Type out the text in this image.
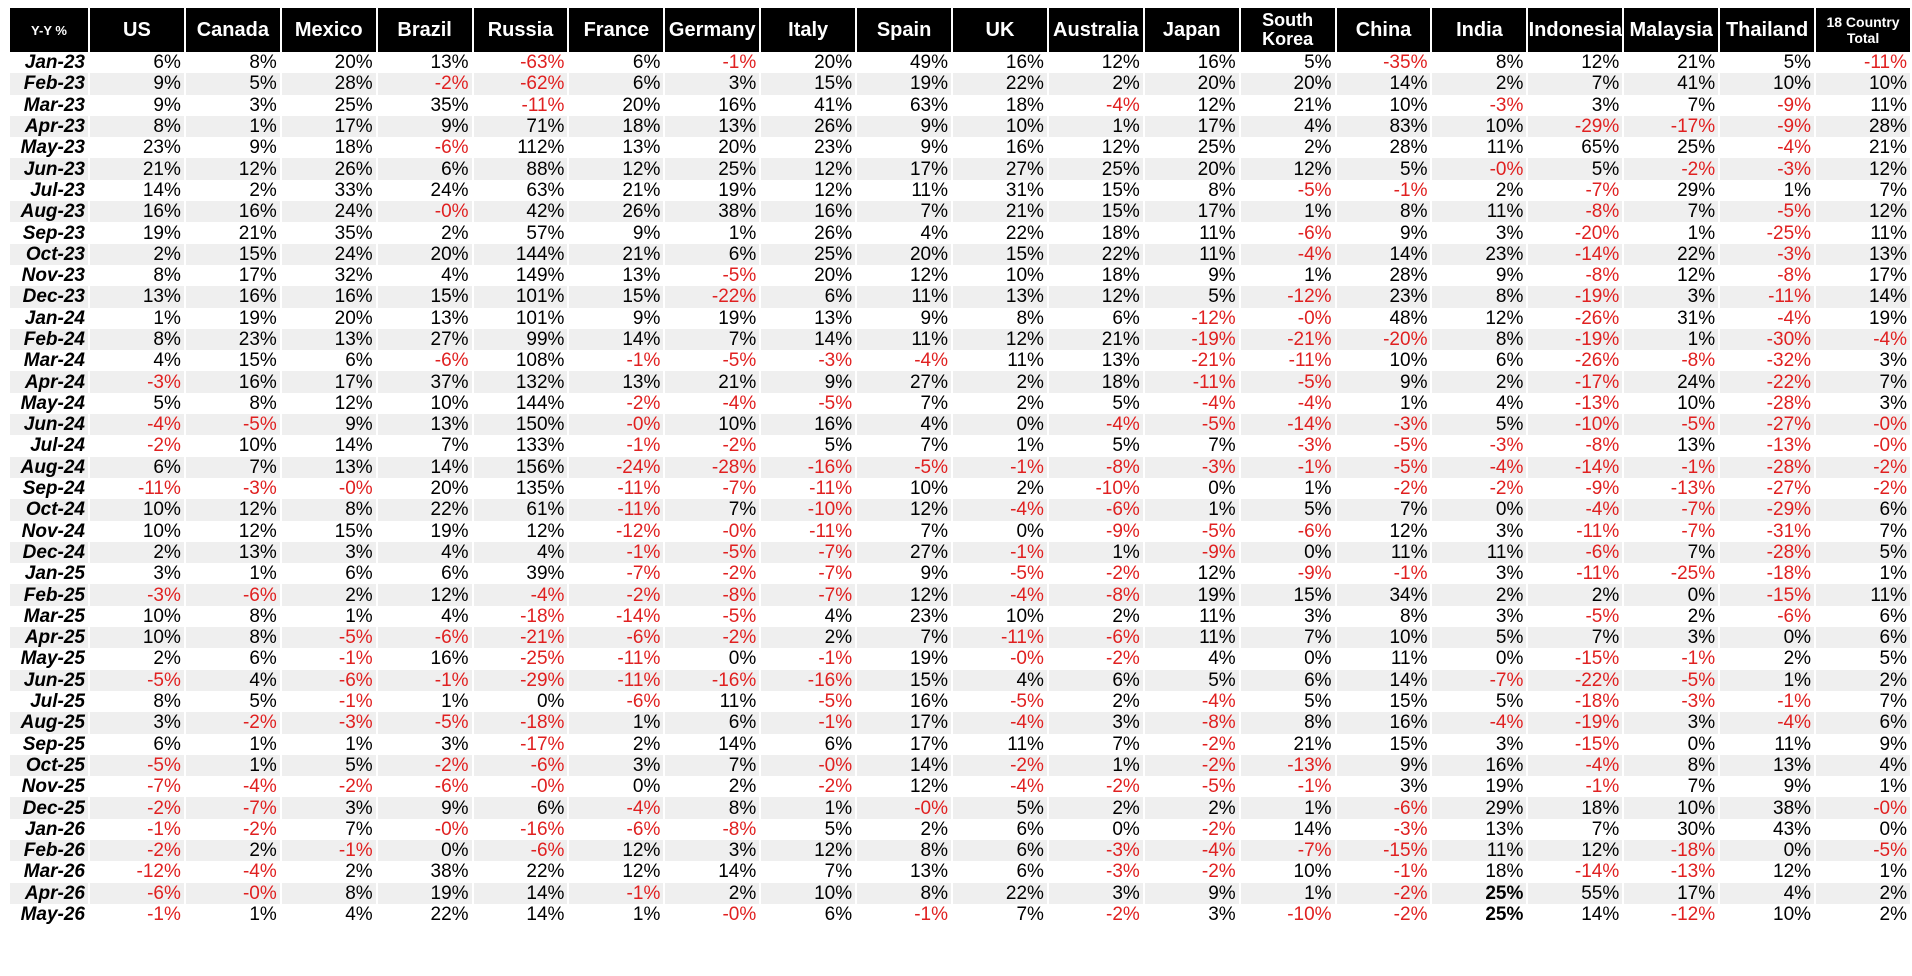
Y-Y %	US	Canada	Mexico	Brazil	Russia	France	Germany	Italy	Spain	UK	Australia	Japan	South Korea	China	India	Indonesia	Malaysia	Thailand	18 Country Total
Jan-23	6%	8%	20%	13%	-63%	6%	-1%	20%	49%	16%	12%	16%	5%	-35%	8%	12%	21%	5%	-11%
Feb-23	9%	5%	28%	-2%	-62%	6%	3%	15%	19%	22%	2%	20%	20%	14%	2%	7%	41%	10%	10%
Mar-23	9%	3%	25%	35%	-11%	20%	16%	41%	63%	18%	-4%	12%	21%	10%	-3%	3%	7%	-9%	11%
Apr-23	8%	1%	17%	9%	71%	18%	13%	26%	9%	10%	1%	17%	4%	83%	10%	-29%	-17%	-9%	28%
May-23	23%	9%	18%	-6%	112%	13%	20%	23%	9%	16%	12%	25%	2%	28%	11%	65%	25%	-4%	21%
Jun-23	21%	12%	26%	6%	88%	12%	25%	12%	17%	27%	25%	20%	12%	5%	-0%	5%	-2%	-3%	12%
Jul-23	14%	2%	33%	24%	63%	21%	19%	12%	11%	31%	15%	8%	-5%	-1%	2%	-7%	29%	1%	7%
Aug-23	16%	16%	24%	-0%	42%	26%	38%	16%	7%	21%	15%	17%	1%	8%	11%	-8%	7%	-5%	12%
Sep-23	19%	21%	35%	2%	57%	9%	1%	26%	4%	22%	18%	11%	-6%	9%	3%	-20%	1%	-25%	11%
Oct-23	2%	15%	24%	20%	144%	21%	6%	25%	20%	15%	22%	11%	-4%	14%	23%	-14%	22%	-3%	13%
Nov-23	8%	17%	32%	4%	149%	13%	-5%	20%	12%	10%	18%	9%	1%	28%	9%	-8%	12%	-8%	17%
Dec-23	13%	16%	16%	15%	101%	15%	-22%	6%	11%	13%	12%	5%	-12%	23%	8%	-19%	3%	-11%	14%
Jan-24	1%	19%	20%	13%	101%	9%	19%	13%	9%	8%	6%	-12%	-0%	48%	12%	-26%	31%	-4%	19%
Feb-24	8%	23%	13%	27%	99%	14%	7%	14%	11%	12%	21%	-19%	-21%	-20%	8%	-19%	1%	-30%	-4%
Mar-24	4%	15%	6%	-6%	108%	-1%	-5%	-3%	-4%	11%	13%	-21%	-11%	10%	6%	-26%	-8%	-32%	3%
Apr-24	-3%	16%	17%	37%	132%	13%	21%	9%	27%	2%	18%	-11%	-5%	9%	2%	-17%	24%	-22%	7%
May-24	5%	8%	12%	10%	144%	-2%	-4%	-5%	7%	2%	5%	-4%	-4%	1%	4%	-13%	10%	-28%	3%
Jun-24	-4%	-5%	9%	13%	150%	-0%	10%	16%	4%	0%	-4%	-5%	-14%	-3%	5%	-10%	-5%	-27%	-0%
Jul-24	-2%	10%	14%	7%	133%	-1%	-2%	5%	7%	1%	5%	7%	-3%	-5%	-3%	-8%	13%	-13%	-0%
Aug-24	6%	7%	13%	14%	156%	-24%	-28%	-16%	-5%	-1%	-8%	-3%	-1%	-5%	-4%	-14%	-1%	-28%	-2%
Sep-24	-11%	-3%	-0%	20%	135%	-11%	-7%	-11%	10%	2%	-10%	0%	1%	-2%	-2%	-9%	-13%	-27%	-2%
Oct-24	10%	12%	8%	22%	61%	-11%	7%	-10%	12%	-4%	-6%	1%	5%	7%	0%	-4%	-7%	-29%	6%
Nov-24	10%	12%	15%	19%	12%	-12%	-0%	-11%	7%	0%	-9%	-5%	-6%	12%	3%	-11%	-7%	-31%	7%
Dec-24	2%	13%	3%	4%	4%	-1%	-5%	-7%	27%	-1%	1%	-9%	0%	11%	11%	-6%	7%	-28%	5%
Jan-25	3%	1%	6%	6%	39%	-7%	-2%	-7%	9%	-5%	-2%	12%	-9%	-1%	3%	-11%	-25%	-18%	1%
Feb-25	-3%	-6%	2%	12%	-4%	-2%	-8%	-7%	12%	-4%	-8%	19%	15%	34%	2%	2%	0%	-15%	11%
Mar-25	10%	8%	1%	4%	-18%	-14%	-5%	4%	23%	10%	2%	11%	3%	8%	3%	-5%	2%	-6%	6%
Apr-25	10%	8%	-5%	-6%	-21%	-6%	-2%	2%	7%	-11%	-6%	11%	7%	10%	5%	7%	3%	0%	6%
May-25	2%	6%	-1%	16%	-25%	-11%	0%	-1%	19%	-0%	-2%	4%	0%	11%	0%	-15%	-1%	2%	5%
Jun-25	-5%	4%	-6%	-1%	-29%	-11%	-16%	-16%	15%	4%	6%	5%	6%	14%	-7%	-22%	-5%	1%	2%
Jul-25	8%	5%	-1%	1%	0%	-6%	11%	-5%	16%	-5%	2%	-4%	5%	15%	5%	-18%	-3%	-1%	7%
Aug-25	3%	-2%	-3%	-5%	-18%	1%	6%	-1%	17%	-4%	3%	-8%	8%	16%	-4%	-19%	3%	-4%	6%
Sep-25	6%	1%	1%	3%	-17%	2%	14%	6%	17%	11%	7%	-2%	21%	15%	3%	-15%	0%	11%	9%
Oct-25	-5%	1%	5%	-2%	-6%	3%	7%	-0%	14%	-2%	1%	-2%	-13%	9%	16%	-4%	8%	13%	4%
Nov-25	-7%	-4%	-2%	-6%	-0%	0%	2%	-2%	12%	-4%	-2%	-5%	-1%	3%	19%	-1%	7%	9%	1%
Dec-25	-2%	-7%	3%	9%	6%	-4%	8%	1%	-0%	5%	2%	2%	1%	-6%	29%	18%	10%	38%	-0%
Jan-26	-1%	-2%	7%	-0%	-16%	-6%	-8%	5%	2%	6%	0%	-2%	14%	-3%	13%	7%	30%	43%	0%
Feb-26	-2%	2%	-1%	0%	-6%	12%	3%	12%	8%	6%	-3%	-4%	-7%	-15%	11%	12%	-18%	0%	-5%
Mar-26	-12%	-4%	2%	38%	22%	12%	14%	7%	13%	6%	-3%	-2%	10%	-1%	18%	-14%	-13%	12%	1%
Apr-26	-6%	-0%	8%	19%	14%	-1%	2%	10%	8%	22%	3%	9%	1%	-2%	25%	55%	17%	4%	2%
May-26	-1%	1%	4%	22%	14%	1%	-0%	6%	-1%	7%	-2%	3%	-10%	-2%	25%	14%	-12%	10%	2%
